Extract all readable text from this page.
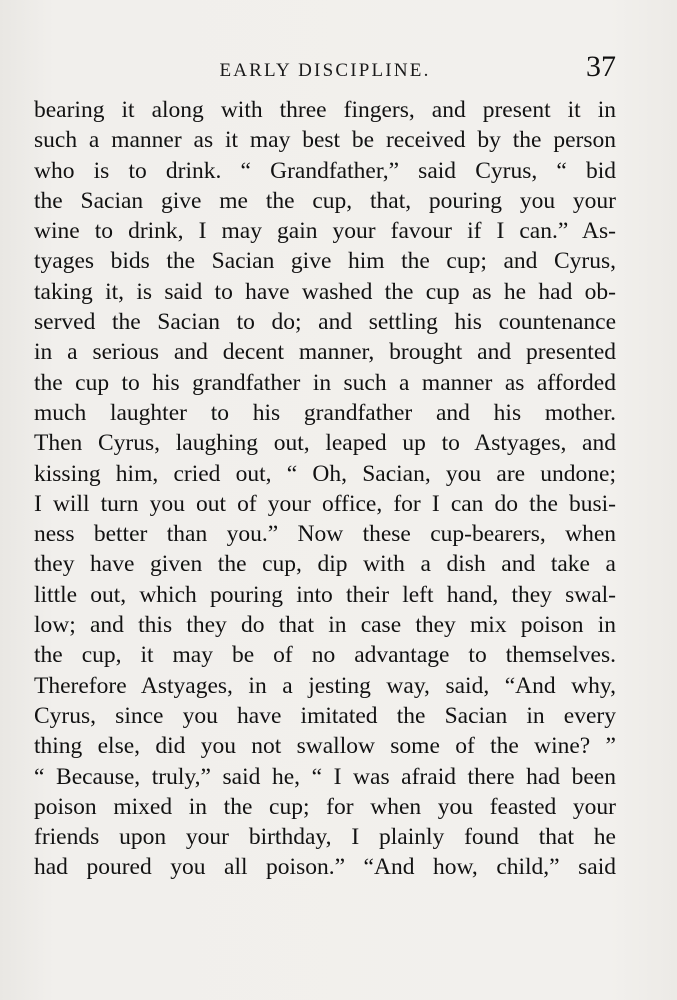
EARLY DISCIPLINE.	37
bearing it along with three fingers, and present it in
such a manner as it may best be received by the person
who is to drink. “ Grandfather,” said Cyrus, “ bid
the Sacian give me the cup, that, pouring you your
wine to drink, I may gain your favour if I can.” As-
tyages bids the Sacian give him the cup; and Cyrus,
taking it, is said to have washed the cup as he had ob-
served the Sacian to do; and settling his countenance
in a serious and decent manner, brought and presented
the cup to his grandfather in such a manner as afforded
much laughter to his grandfather and his mother.
Then Cyrus, laughing out, leaped up to Astyages, and
kissing him, cried out, “ Oh, Sacian, you are undone;
I will turn you out of your office, for I can do the busi-
ness better than you.” Now these cup-bearers, when
they have given the cup, dip with a dish and take a
little out, which pouring into their left hand, they swal-
low; and this they do that in case they mix poison in
the cup, it may be of no advantage to themselves.
Therefore Astyages, in a jesting way, said, “And why,
Cyrus, since you have imitated the Sacian in every
thing else, did you not swallow some of the wine? ”
“ Because, truly,” said he, “ I was afraid there had been
poison mixed in the cup; for when you feasted your
friends upon your birthday, I plainly found that he
had poured you all poison.” “And how, child,” said
